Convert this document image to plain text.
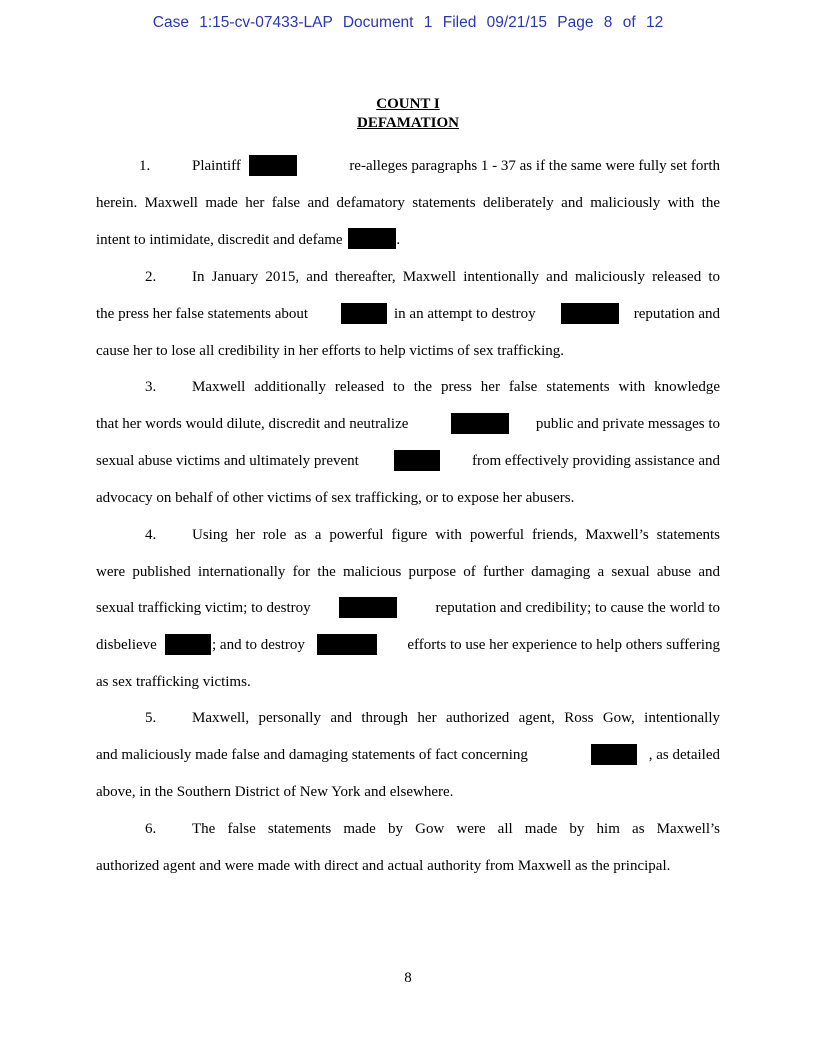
Case 1:15-cv-07433-LAP Document 1 Filed 09/21/15 Page 8 of 12
COUNT I
DEFAMATION
1.	Plaintiff	re-alleges paragraphs 1 - 37 as if the same were fully set forth
herein. Maxwell made her false and defamatory statements deliberately and maliciously with the
intent to intimidate, discredit and defame	.
2. In January 2015, and thereafter, Maxwell intentionally and maliciously released to
the press her false statements about	in an attempt to destroy	reputation and
cause her to lose all credibility in her efforts to help victims of sex trafficking.
3. Maxwell additionally released to the press her false statements with knowledge
that her words would dilute, discredit and neutralize	public and private messages to
sexual abuse victims and ultimately prevent	from effectively providing assistance and
advocacy on behalf of other victims of sex trafficking, or to expose her abusers.
4. Using her role as a powerful figure with powerful friends, Maxwell’s statements
were published internationally for the malicious purpose of further damaging a sexual abuse and
sexual trafficking victim; to destroy	reputation and credibility; to cause the world to
disbelieve	; and to destroy	efforts to use her experience to help others suffering
as sex trafficking victims.
5. Maxwell, personally and through her authorized agent, Ross Gow, intentionally
and maliciously made false and damaging statements of fact concerning	, as detailed
above, in the Southern District of New York and elsewhere.
6. The false statements made by Gow were all made by him as Maxwell’s
authorized agent and were made with direct and actual authority from Maxwell as the principal.
8
